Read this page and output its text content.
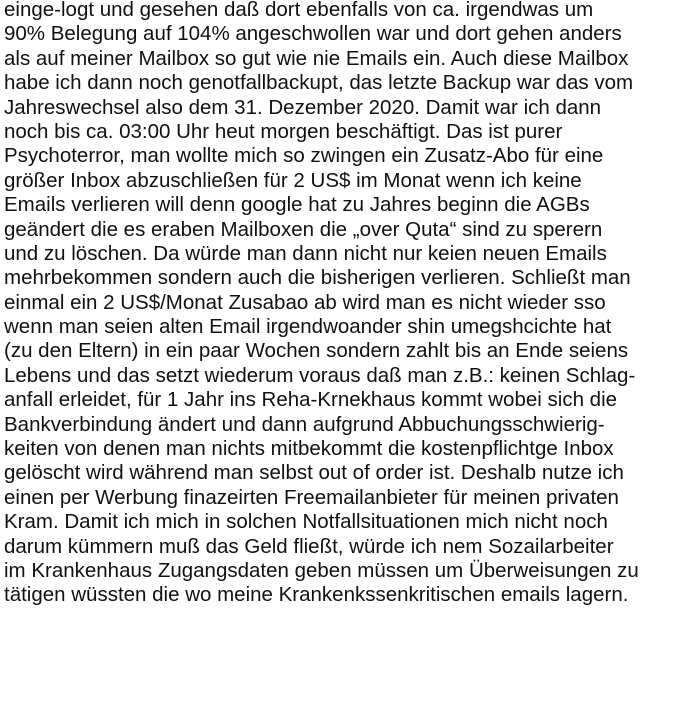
einge-logt und gesehen daß dort ebenfalls von ca. irgendwas um
90% Belegung auf 104% angeschwollen war und dort gehen anders
als auf meiner Mailbox so gut wie nie Emails ein. Auch diese Mailbox
habe ich dann noch genotfallbackupt, das letzte Backup war das vom
Jahreswechsel also dem 31. Dezember 2020. Damit war ich dann
noch bis ca. 03:00 Uhr heut morgen beschäftigt. Das ist purer
Psychoterror, man wollte mich so zwingen ein Zusatz-Abo für eine
größer Inbox abzuschließen für 2 US$ im Monat wenn ich keine
Emails verlieren will denn google hat zu Jahres beginn die AGBs
geändert die es eraben Mailboxen die „over Quta“ sind zu sperern
und zu löschen. Da würde man dann nicht nur keien neuen Emails
mehrbekommen sondern auch die bisherigen verlieren. Schließt man
einmal ein 2 US$/Monat Zusabao ab wird man es nicht wieder sso
wenn man seien alten Email irgendwoander shin umegshcichte hat
(zu den Eltern) in ein paar Wochen sondern zahlt bis an Ende seiens
Lebens und das setzt wiederum voraus daß man z.B.: keinen Schlag-
anfall erleidet, für 1 Jahr ins Reha-Krnekhaus kommt wobei sich die
Bankverbindung ändert und dann aufgrund Abbuchungsschwierig-
keiten von denen man nichts mitbekommt die kostenpflichtge Inbox
gelöscht wird während man selbst out of order ist. Deshalb nutze ich
einen per Werbung finazeirten Freemailanbieter für meinen privaten
Kram. Damit ich mich in solchen Notfallsituationen mich nicht noch
darum kümmern muß das Geld fließt, würde ich nem Sozailarbeiter
im Krankenhaus Zugangsdaten geben müssen um Überweisungen zu
tätigen wüssten die wo meine Krankenkssenkritischen emails lagern.
